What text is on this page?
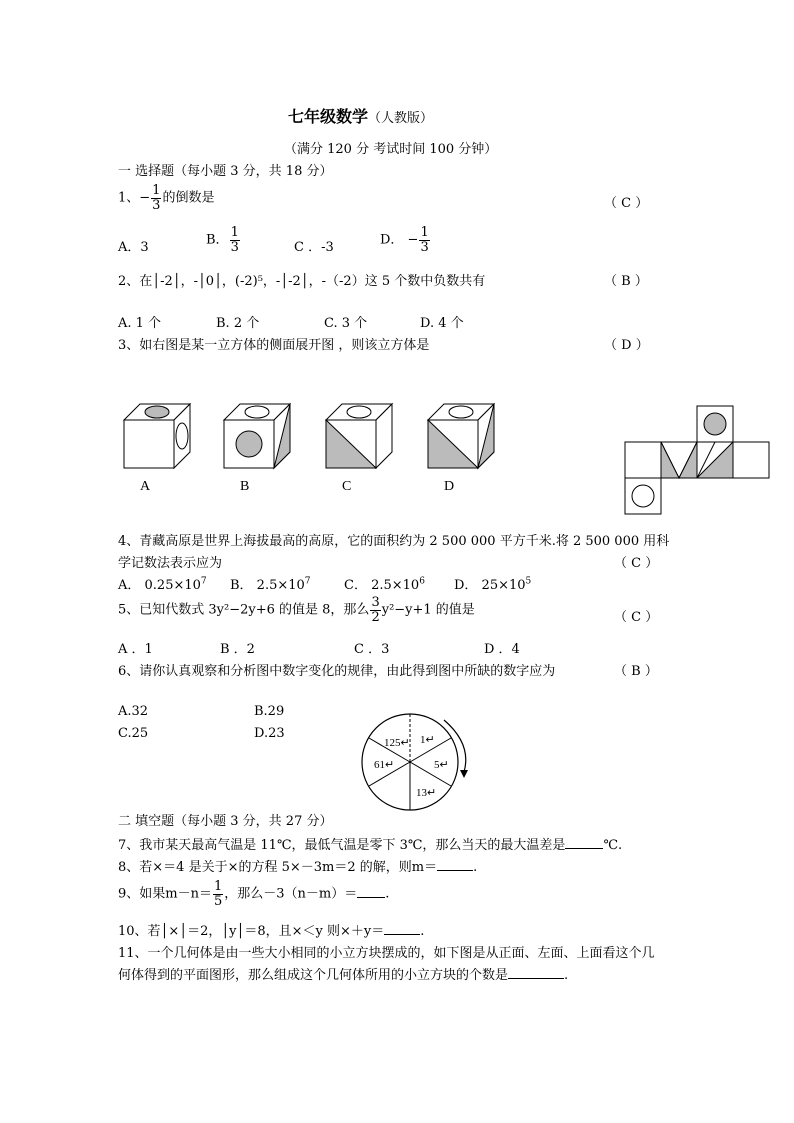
七年级数学（人教版）
（满分 120 分 考试时间 100 分钟）
一 选择题（每小题 3 分，共 18 分）
1、− $\frac{1}{3}$ 的倒数是	（ C ）
A．3	B． $\frac{1}{3}$	C ．-3	D． − $\frac{1}{3}$
2、在│-2│，-│0│，(-2)⁵，-│-2│，-（-2）这 5 个数中负数共有	（ B ）
A. 1 个	B. 2 个	C. 3 个	D. 4 个
3、如右图是某一立方体的侧面展开图 ，则该立方体是	（ D ）
A	B	C	D
4、青藏高原是世界上海拔最高的高原，它的面积约为 2 500 000 平方千米.将 2 500 000 用科
学记数法表示应为	（ C ）
A． $0.25\times 10^7$ B． $2.5\times 10^7$	C． $2.5\times 10^6$ D． $25\times 10^5$
5、已知代数式 3y²−2y+6 的值是 8，那么 $\frac{3}{2} y^2-y+1$ 的值是	（ C ）
A ．1	B ．2	C ．3	D ．4
6、请你认真观察和分析图中数字变化的规律，由此得到图中所缺的数字应为	（ B ）
A.32	B.29
C.25	D.23
125↵ 1↵
5↵
13↵
61↵
二 填空题（每小题 3 分，共 27 分）
7、我市某天最高气温是 11℃，最低气温是零下 3℃，那么当天的最大温差是	℃.
8、若×＝4 是关于×的方程 5×－3m＝2 的解，则m＝	.
9、如果$m-n= \frac{1}{5}$ ，那么－3（n－m）＝ .
10、若│×│＝2，│y│＝8，且×＜y 则×＋y＝	.
11、一个几何体是由一些大小相同的小立方块摆成的，如下图是从正面、左面、上面看这个几
何体得到的平面图形，那么组成这个几何体所用的小立方块的个数是	.
